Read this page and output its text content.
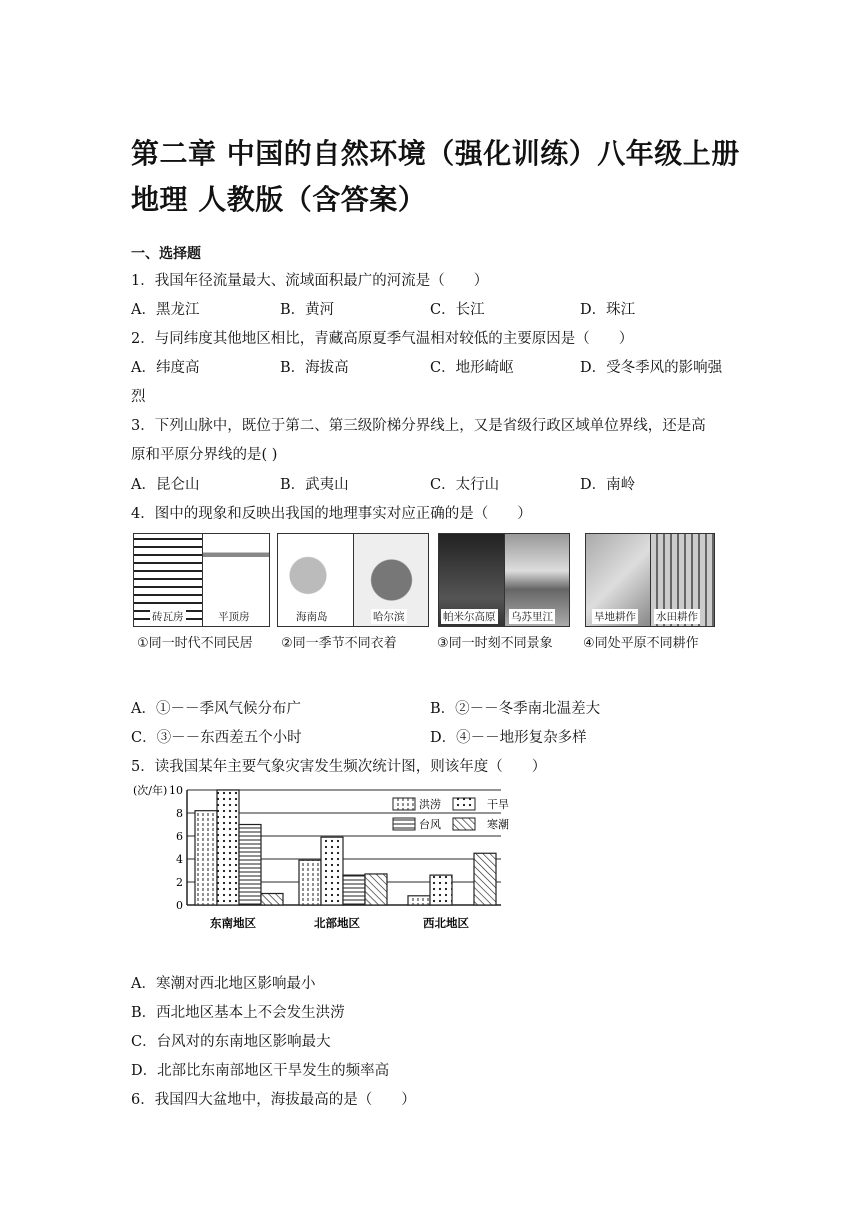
第二章 中国的自然环境（强化训练）八年级上册地理 人教版（含答案）
一、选择题
1．我国年径流量最大、流域面积最广的河流是（　　）
A．黑龙江	B．黄河	C．长江	D．珠江
2．与同纬度其他地区相比，青藏高原夏季气温相对较低的主要原因是（　　）
A．纬度高	B．海拔高	C．地形崎岖	D．受冬季风的影响强
烈
3．下列山脉中，既位于第二、第三级阶梯分界线上，又是省级行政区域单位界线，还是高
原和平原分界线的是( )
A．昆仑山	B．武夷山	C．太行山	D．南岭
4．图中的现象和反映出我国的地理事实对应正确的是（　　）
砖瓦房	平顶房	海南岛	哈尔滨	帕米尔高原 乌苏里江	旱地耕作 水田耕作
①同一时代不同民居 ②同一季节不同衣着	③同一时刻不同景象 ④同处平原不同耕作
A．①－－季风气候分布广	B．②－－冬季南北温差大
C．③－－东西差五个小时	D．④－－地形复杂多样
5．读我国某年主要气象灾害发生频次统计图，则该年度（　　）
0
2
4
6
8
10
东南地区	北部地区	西北地区
洪涝	干旱
台风	寒潮
(次/年)
A．寒潮对西北地区影响最小
B．西北地区基本上不会发生洪涝
C．台风对的东南地区影响最大
D．北部比东南部地区干旱发生的频率高
6．我国四大盆地中，海拔最高的是（　　）
